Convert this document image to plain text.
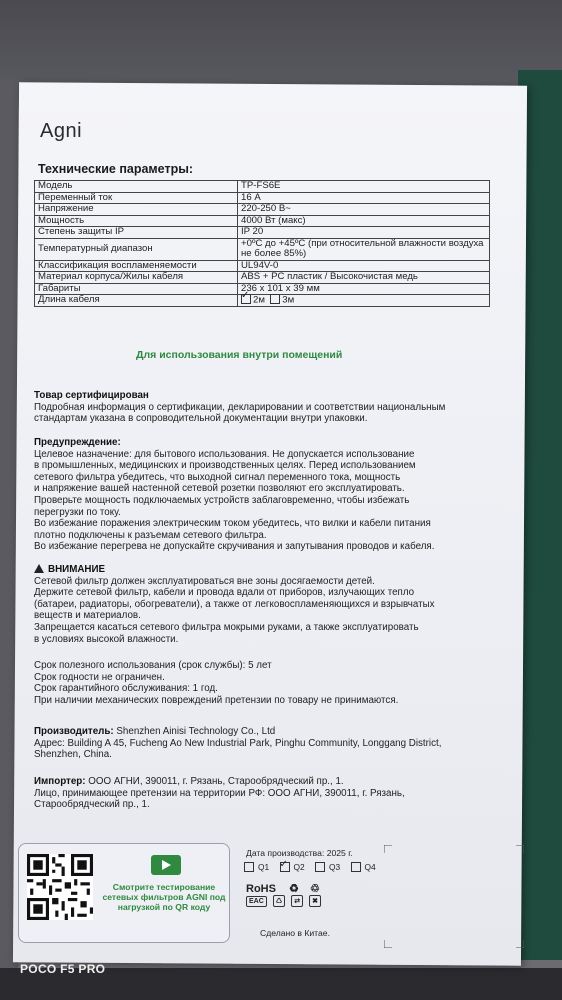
Agni
Технические параметры:
Модель	TP-FS6E
Переменный ток	16 А
Напряжение	220-250 В~
Мощность	4000 Вт (макс)
Степень защиты IP	IP 20
Температурный диапазон	+0ºС до +45ºС (при относительной влажности воздуха не более 85%)
Классификация воспламеняемости	UL94V-0
Материал корпуса/Жилы кабеля	ABS + PC пластик / Высокочистая медь
Габариты	236 х 101 х 39 мм
Длина кабеля	✓2м 3м
Для использования внутри помещений
Товар сертифицирован
Подробная информация о сертификации, декларировании и соответствии национальным
стандартам указана в сопроводительной документации внутри упаковки.
Предупреждение:
Целевое назначение: для бытового использования. Не допускается использование
в промышленных, медицинских и производственных целях. Перед использованием
сетевого фильтра убедитесь, что выходной сигнал переменного тока, мощность
и напряжение вашей настенной сетевой розетки позволяют его эксплуатировать.
Проверьте мощность подключаемых устройств заблаговременно, чтобы избежать
перегрузки по току.
Во избежание поражения электрическим током убедитесь, что вилки и кабели питания
плотно подключены к разъемам сетевого фильтра.
Во избежание перегрева не допускайте скручивания и запутывания проводов и кабеля.
ВНИМАНИЕ
Сетевой фильтр должен эксплуатироваться вне зоны досягаемости детей.
Держите сетевой фильтр, кабели и провода вдали от приборов, излучающих тепло
(батареи, радиаторы, обогреватели), а также от легковоспламеняющихся и взрывчатых
веществ и материалов.
Запрещается касаться сетевого фильтра мокрыми руками, а также эксплуатировать
в условиях высокой влажности.
Срок полезного использования (срок службы): 5 лет
Срок годности не ограничен.
Срок гарантийного обслуживания: 1 год.
При наличии механических повреждений претензии по товару не принимаются.
Производитель: Shenzhen Ainisi Technology Co., Ltd
Адрес: Building A 45, Fucheng Ao New Industrial Park, Pinghu Community, Longgang District,
Shenzhen, China.
Импортер: ООО АГНИ, 390011, г. Рязань, Старообрядческий пр., 1.
Лицо, принимающее претензии на территории РФ: ООО АГНИ, 390011, г. Рязань,
Старообрядческий пр., 1.
Смотрите тестирование сетевых фильтров AGNI под нагрузкой по QR коду
Дата производства: 2025 г.
Q1 ✓	Q2	Q3	Q4
RoHS ♻ ♲
EAC ♺ ⇄ ✖
Сделано в Китае.
POCO F5 PRO
